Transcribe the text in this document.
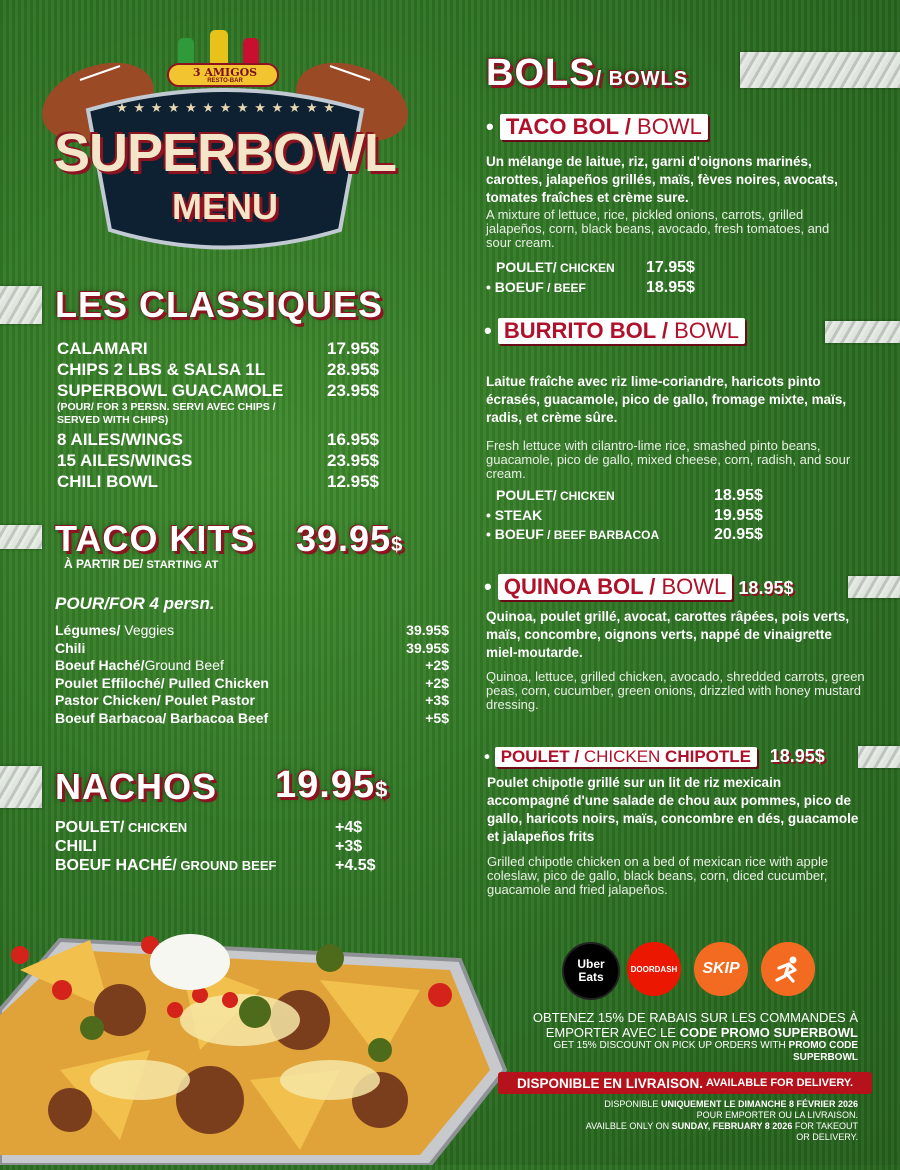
3 AMIGOS
RESTO-BAR
★ ★ ★ ★ ★ ★ ★ ★ ★ ★ ★ ★ ★
SUPERBOWL
MENU
LES CLASSIQUES
CALAMARI	17.95$
CHIPS 2 LBS & SALSA 1L	28.95$
SUPERBOWL GUACAMOLE	23.95$
(POUR/ FOR 3 PERSN. SERVI AVEC CHIPS / SERVED WITH CHIPS)
8 AILES/WINGS	16.95$
15 AILES/WINGS	23.95$
CHILI BOWL	12.95$
TACO KITS 39.95$
À PARTIR DE/ STARTING AT
POUR/FOR 4 persn.
Légumes/ Veggies	39.95$
Chili	39.95$
Boeuf Haché/Ground Beef	+2$
Poulet Effiloché/ Pulled Chicken	+2$
Pastor Chicken/ Poulet Pastor	+3$
Boeuf Barbacoa/ Barbacoa Beef	+5$
NACHOS 19.95$
POULET/ CHICKEN	+4$
CHILI	+3$
BOEUF HACHÉ/ GROUND BEEF	+4.5$
BOLS/ BOWLS
• TACO BOL / BOWL
Un mélange de laitue, riz, garni d'oignons marinés, carottes, jalapeños grillés, maïs, fèves noires, avocats, tomates fraîches et crème sure.
A mixture of lettuce, rice, pickled onions, carrots, grilled jalapeños, corn, black beans, avocado, fresh tomatoes, and sour cream.
POULET/ CHICKEN 17.95$
• BOEUF / BEEF	18.95$
• BURRITO BOL / BOWL
Laitue fraîche avec riz lime-coriandre, haricots pinto écrasés, guacamole, pico de gallo, fromage mixte, maïs, radis, et crème sûre.
Fresh lettuce with cilantro-lime rice, smashed pinto beans, guacamole, pico de gallo, mixed cheese, corn, radish, and sour cream.
POULET/ CHICKEN	18.95$
• STEAK	19.95$
• BOEUF / BEEF BARBACOA	20.95$
• QUINOA BOL / BOWL 18.95$
Quinoa, poulet grillé, avocat, carottes râpées, pois verts, maïs, concombre, oignons verts, nappé de vinaigrette miel-moutarde.
Quinoa, lettuce, grilled chicken, avocado, shredded carrots, green peas, corn, cucumber, green onions, drizzled with honey mustard dressing.
• POULET / CHICKEN CHIPOTLE 18.95$
Poulet chipotle grillé sur un lit de riz mexicain accompagné d'une salade de chou aux pommes, pico de gallo, haricots noirs, maïs, concombre en dés, guacamole et jalapeños frits
Grilled chipotle chicken on a bed of mexican rice with apple coleslaw, pico de gallo, black beans, corn, diced cucumber, guacamole and fried jalapeños.
Uber
Eats
DOORDASH	SKIP
OBTENEZ 15% DE RABAIS SUR LES COMMANDES À
EMPORTER AVEC LE CODE PROMO SUPERBOWL
GET 15% DISCOUNT ON PICK UP ORDERS WITH PROMO CODE
SUPERBOWL
DISPONIBLE EN LIVRAISON. AVAILABLE FOR DELIVERY.
DISPONIBLE UNIQUEMENT LE DIMANCHE 8 FÉVRIER 2026
POUR EMPORTER OU LA LIVRAISON.
AVAILBLE ONLY ON SUNDAY, FEBRUARY 8 2026 FOR TAKEOUT
OR DELIVERY.
